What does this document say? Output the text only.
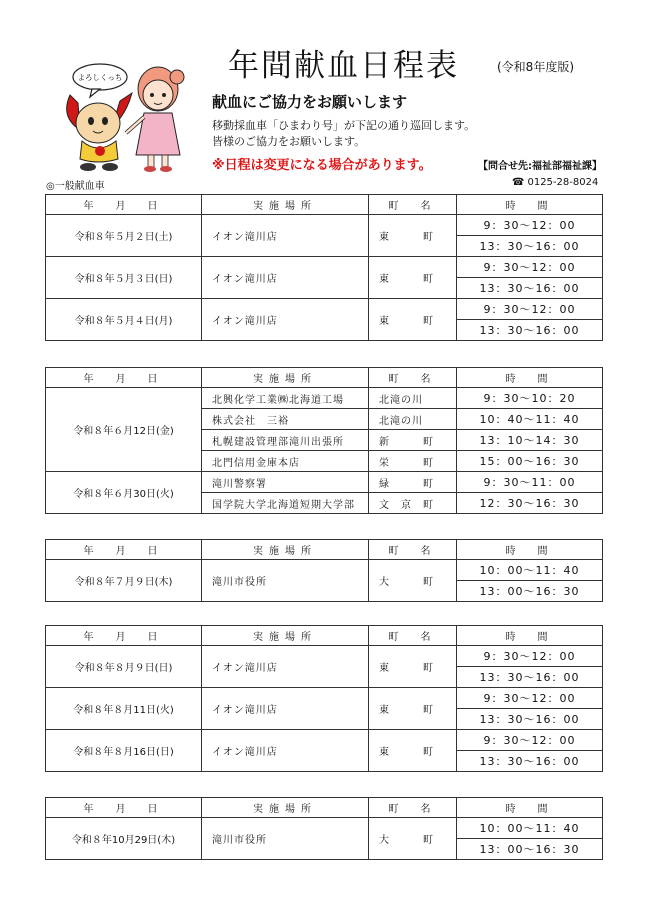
年間献血日程表	(令和8年度版)
献血にご協力をお願いします
移動採血車「ひまわり号」が下記の通り巡回します。
皆様のご協力をお願いします。
※日程は変更になる場合があります。	【問合せ先:福祉部福祉課】
◎一般献血車	☎ 0125-28-8024
よろしくっち
年　月　日	実施場所	町　名	時　間
令和８年５月２日(土)	イオン滝川店	東　　　町	9：30〜12：00
			13：30〜16：00
令和８年５月３日(日)	イオン滝川店	東　　　町	9：30〜12：00
			13：30〜16：00
令和８年５月４日(月)	イオン滝川店	東　　　町	9：30〜12：00
			13：30〜16：00
年　月　日	実施場所	町　名	時　間
令和８年６月12日(金)	北興化学工業㈱北海道工場	北滝の川	9：30〜10：20
	株式会社　三裕	北滝の川	10：40〜11：40
	札幌建設管理部滝川出張所	新　　　町	13：10〜14：30
	北門信用金庫本店	栄　　　町	15：00〜16：30
令和８年６月30日(火)	滝川警察署	緑　　　町	9：30〜11：00
	国学院大学北海道短期大学部	文　京　町	12：30〜16：30
年　月　日	実施場所	町　名	時　間
令和８年７月９日(木)	滝川市役所	大　　　町	10：00〜11：40
			13：00〜16：30
年　月　日	実施場所	町　名	時　間
令和８年８月９日(日)	イオン滝川店	東　　　町	9：30〜12：00
			13：30〜16：00
令和８年８月11日(火)	イオン滝川店	東　　　町	9：30〜12：00
			13：30〜16：00
令和８年８月16日(日)	イオン滝川店	東　　　町	9：30〜12：00
			13：30〜16：00
年　月　日	実施場所	町　名	時　間
令和８年10月29日(木)	滝川市役所	大　　　町	10：00〜11：40
			13：00〜16：30
